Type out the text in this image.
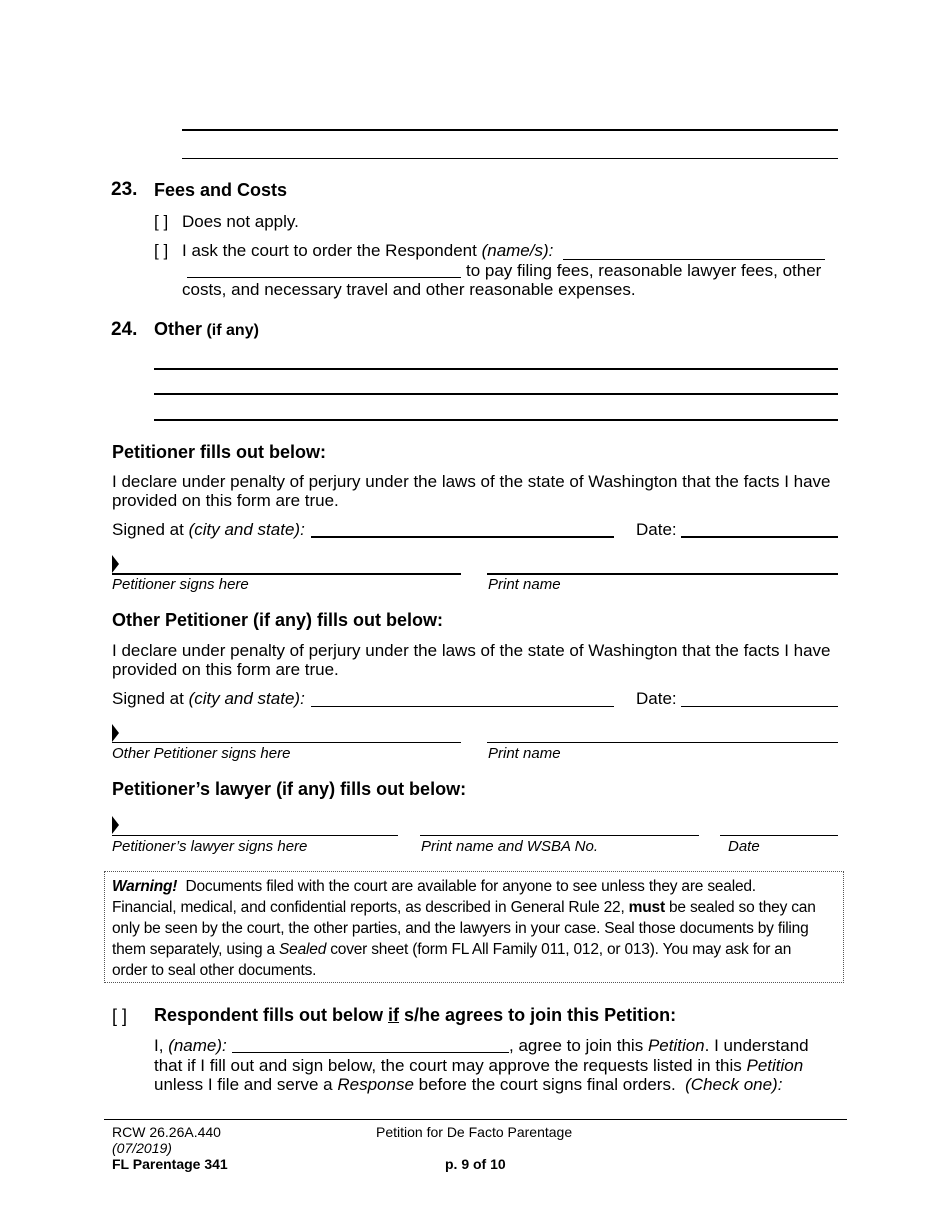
23. Fees and Costs
[ ] Does not apply.
[ ] I ask the court to order the Respondent (name/s):
to pay filing fees, reasonable lawyer fees, other
costs, and necessary travel and other reasonable expenses.
24. Other (if any)
Petitioner fills out below:
I declare under penalty of perjury under the laws of the state of Washington that the facts I have
provided on this form are true.
Signed at (city and state):	Date:
Petitioner signs here	Print name
Other Petitioner (if any) fills out below:
I declare under penalty of perjury under the laws of the state of Washington that the facts I have
provided on this form are true.
Signed at (city and state):	Date:
Other Petitioner signs here	Print name
Petitioner’s lawyer (if any) fills out below:
Petitioner’s lawyer signs here	Print name and WSBA No.	Date
Warning! Documents filed with the court are available for anyone to see unless they are sealed.
Financial, medical, and confidential reports, as described in General Rule 22, must be sealed so they can
only be seen by the court, the other parties, and the lawyers in your case. Seal those documents by filing
them separately, using a Sealed cover sheet (form FL All Family 011, 012, or 013). You may ask for an
order to seal other documents.
[ ] Respondent fills out below if s/he agrees to join this Petition:
I, (name):	, agree to join this Petition. I understand
that if I fill out and sign below, the court may approve the requests listed in this Petition
unless I file and serve a Response before the court signs final orders. (Check one):
RCW 26.26A.440
(07/2019)
FL Parentage 341
Petition for De Facto Parentage
p. 9 of 10
